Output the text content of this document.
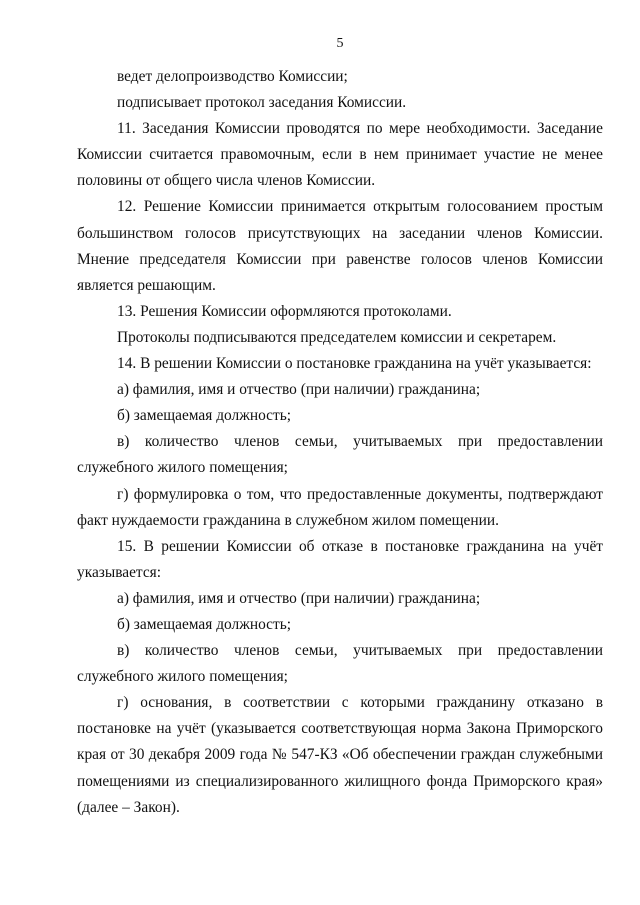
5

ведет делопроизводство Комиссии;

подписывает протокол заседания Комиссии.

11. Заседания Комиссии проводятся по мере необходимости. Заседание Комиссии считается правомочным, если в нем принимает участие не менее половины от общего числа членов Комиссии.

12. Решение Комиссии принимается открытым голосованием простым большинством голосов присутствующих на заседании членов Комиссии. Мнение председателя Комиссии при равенстве голосов членов Комиссии является решающим.

13. Решения Комиссии оформляются протоколами.

Протоколы подписываются председателем комиссии и секретарем.

14. В решении Комиссии о постановке гражданина на учёт указывается:

а) фамилия, имя и отчество (при наличии) гражданина;

б) замещаемая должность;

в) количество членов семьи, учитываемых при предоставлении служебного жилого помещения;

г) формулировка о том, что предоставленные документы, подтверждают факт нуждаемости гражданина в служебном жилом помещении.

15. В решении Комиссии об отказе в постановке гражданина на учёт указывается:

а) фамилия, имя и отчество (при наличии) гражданина;

б) замещаемая должность;

в) количество членов семьи, учитываемых при предоставлении служебного жилого помещения;

г) основания, в соответствии с которыми гражданину отказано в постановке на учёт (указывается соответствующая норма Закона Приморского края от 30 декабря 2009 года № 547-КЗ «Об обеспечении граждан служебными помещениями из специализированного жилищного фонда Приморского края» (далее – Закон).
